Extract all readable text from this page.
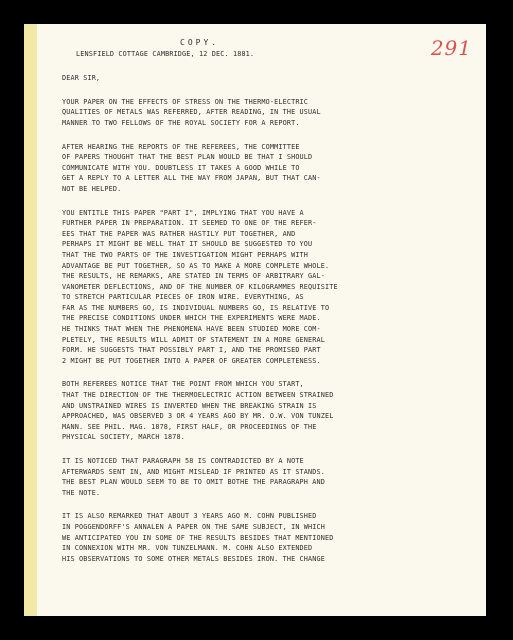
291
COPY.
LENSFIELD COTTAGE CAMBRIDGE, 12 DEC. 1881.
DEAR SIR,
YOUR PAPER ON THE EFFECTS OF STRESS ON THE THERMO-ELECTRIC
QUALITIES OF METALS WAS REFERRED, AFTER READING, IN THE USUAL
MANNER TO TWO FELLOWS OF THE ROYAL SOCIETY FOR A REPORT.
AFTER HEARING THE REPORTS OF THE REFEREES, THE COMMITTEE
OF PAPERS THOUGHT THAT THE BEST PLAN WOULD BE THAT I SHOULD
COMMUNICATE WITH YOU. DOUBTLESS IT TAKES A GOOD WHILE TO
GET A REPLY TO A LETTER ALL THE WAY FROM JAPAN, BUT THAT CAN-
NOT BE HELPED.
YOU ENTITLE THIS PAPER "PART I", IMPLYING THAT YOU HAVE A
FURTHER PAPER IN PREPARATION. IT SEEMED TO ONE OF THE REFER-
EES THAT THE PAPER WAS RATHER HASTILY PUT TOGETHER, AND
PERHAPS IT MIGHT BE WELL THAT IT SHOULD BE SUGGESTED TO YOU
THAT THE TWO PARTS OF THE INVESTIGATION MIGHT PERHAPS WITH
ADVANTAGE BE PUT TOGETHER, SO AS TO MAKE A MORE COMPLETE WHOLE.
THE RESULTS, HE REMARKS, ARE STATED IN TERMS OF ARBITRARY GAL-
VANOMETER DEFLECTIONS, AND OF THE NUMBER OF KILOGRAMMES REQUISITE
TO STRETCH PARTICULAR PIECES OF IRON WIRE. EVERYTHING, AS
FAR AS THE NUMBERS GO, IS INDIVIDUAL NUMBERS GO, IS RELATIVE TO
THE PRECISE CONDITIONS UNDER WHICH THE EXPERIMENTS WERE MADE.
HE THINKS THAT WHEN THE PHENOMENA HAVE BEEN STUDIED MORE COM-
PLETELY, THE RESULTS WILL ADMIT OF STATEMENT IN A MORE GENERAL
FORM. HE SUGGESTS THAT POSSIBLY PART I, AND THE PROMISED PART
2 MIGHT BE PUT TOGETHER INTO A PAPER OF GREATER COMPLETENESS.
BOTH REFEREES NOTICE THAT THE POINT FROM WHICH YOU START,
THAT THE DIRECTION OF THE THERMOELECTRIC ACTION BETWEEN STRAINED
AND UNSTRAINED WIRES IS INVERTED WHEN THE BREAKING STRAIN IS
APPROACHED, WAS OBSERVED 3 OR 4 YEARS AGO BY MR. O.W. VON TUNZEL
MANN. SEE PHIL. MAG. 1878, FIRST HALF, OR PROCEEDINGS OF THE
PHYSICAL SOCIETY, MARCH 1878.
IT IS NOTICED THAT PARAGRAPH 58 IS CONTRADICTED BY A NOTE
AFTERWARDS SENT IN, AND MIGHT MISLEAD IF PRINTED AS IT STANDS.
THE BEST PLAN WOULD SEEM TO BE TO OMIT BOTHE THE PARAGRAPH AND
THE NOTE.
IT IS ALSO REMARKED THAT ABOUT 3 YEARS AGO M. COHN PUBLISHED
IN POGGENDORFF'S ANNALEN A PAPER ON THE SAME SUBJECT, IN WHICH
WE ANTICIPATED YOU IN SOME OF THE RESULTS BESIDES THAT MENTIONED
IN CONNEXION WITH MR. VON TUNZELMANN. M. COHN ALSO EXTENDED
HIS OBSERVATIONS TO SOME OTHER METALS BESIDES IRON. THE CHANGE
